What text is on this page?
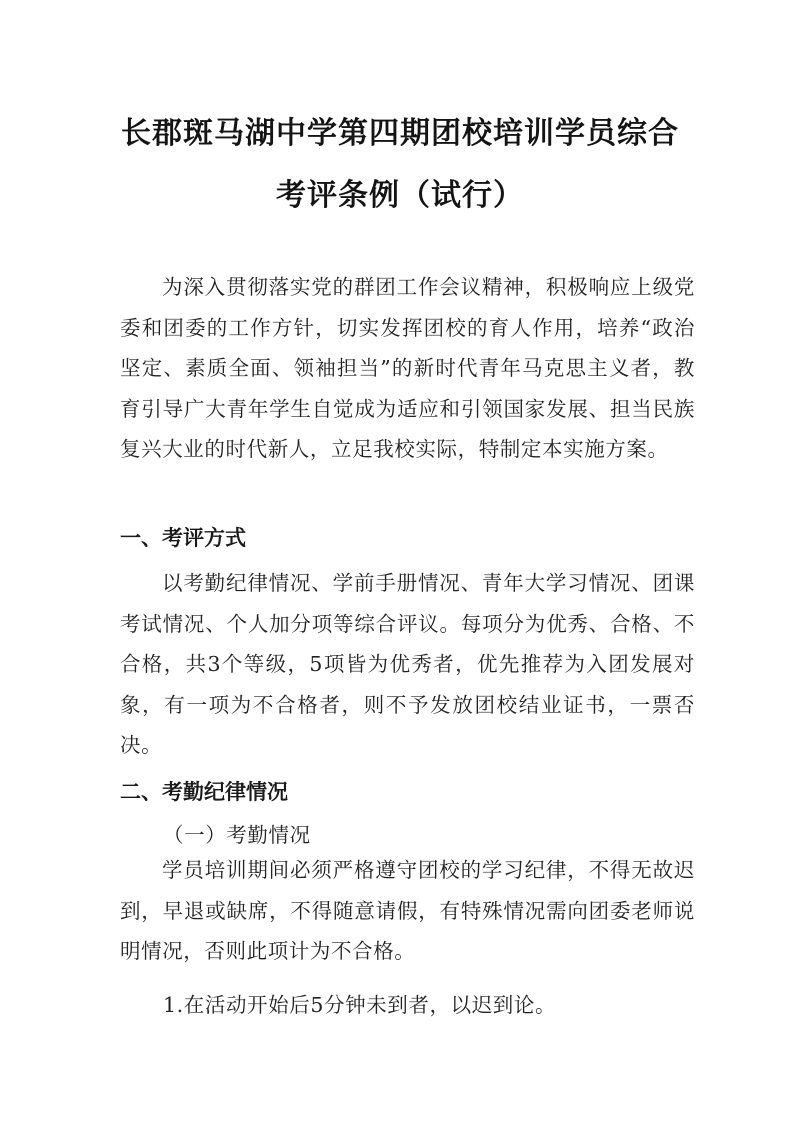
长郡斑马湖中学第四期团校培训学员综合
考评条例（试行）
为深入贯彻落实党的群团工作会议精神，积极响应上级党委和团委的工作方针，切实发挥团校的育人作用，培养“政治坚定、素质全面、领袖担当”的新时代青年马克思主义者，教育引导广大青年学生自觉成为适应和引领国家发展、担当民族复兴大业的时代新人，立足我校实际，特制定本实施方案。
一、考评方式
以考勤纪律情况、学前手册情况、青年大学习情况、团课考试情况、个人加分项等综合评议。每项分为优秀、合格、不合格，共3个等级，5项皆为优秀者，优先推荐为入团发展对象，有一项为不合格者，则不予发放团校结业证书，一票否决。
二、考勤纪律情况
（一）考勤情况
学员培训期间必须严格遵守团校的学习纪律，不得无故迟到，早退或缺席，不得随意请假，有特殊情况需向团委老师说明情况，否则此项计为不合格。
1.在活动开始后5分钟未到者，以迟到论。
